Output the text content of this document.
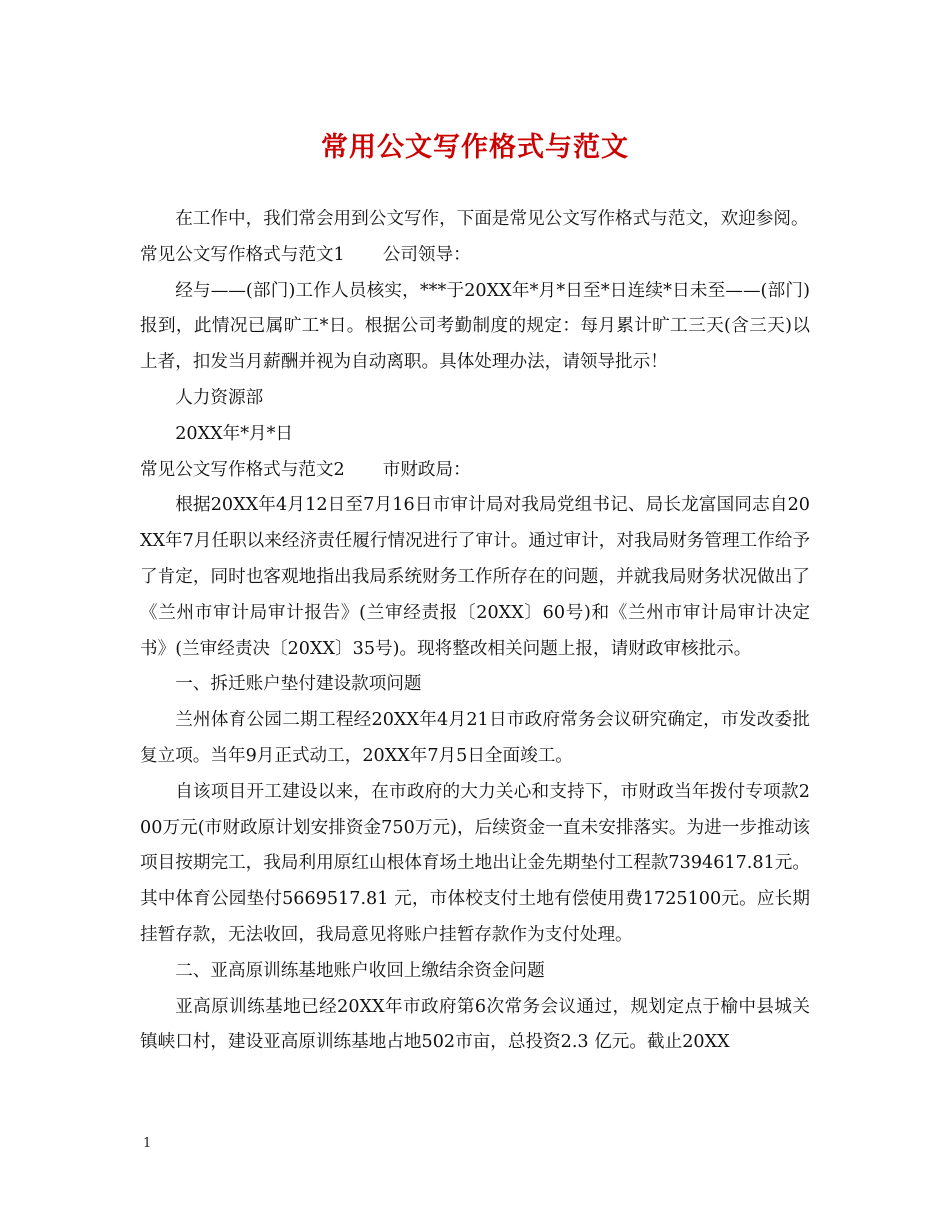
常用公文写作格式与范文

在工作中，我们常会用到公文写作，下面是常见公文写作格式与范文，欢迎参阅。

常见公文写作格式与范文1 公司领导：

经与——(部门)工作人员核实，***于20XX年*月*日至*日连续*日未至——(部门)报到，此情况已属旷工*日。根据公司考勤制度的规定：每月累计旷工三天(含三天)以上者，扣发当月薪酬并视为自动离职。具体处理办法，请领导批示！

人力资源部

20XX年*月*日

常见公文写作格式与范文2 市财政局：

根据20XX年4月12日至7月16日市审计局对我局党组书记、局长龙富国同志自20XX年7月任职以来经济责任履行情况进行了审计。通过审计，对我局财务管理工作给予了肯定，同时也客观地指出我局系统财务工作所存在的问题，并就我局财务状况做出了《兰州市审计局审计报告》(兰审经责报〔20XX〕60号)和《兰州市审计局审计决定书》(兰审经责决〔20XX〕35号)。现将整改相关问题上报，请财政审核批示。

一、拆迁账户垫付建设款项问题

兰州体育公园二期工程经20XX年4月21日市政府常务会议研究确定，市发改委批复立项。当年9月正式动工，20XX年7月5日全面竣工。

自该项目开工建设以来，在市政府的大力关心和支持下，市财政当年拨付专项款200万元(市财政原计划安排资金750万元)，后续资金一直未安排落实。为进一步推动该项目按期完工，我局利用原红山根体育场土地出让金先期垫付工程款7394617.81元。其中体育公园垫付5669517.81 元，市体校支付土地有偿使用费1725100元。应长期挂暂存款，无法收回，我局意见将账户挂暂存款作为支付处理。

二、亚高原训练基地账户收回上缴结余资金问题

亚高原训练基地已经20XX年市政府第6次常务会议通过，规划定点于榆中县城关镇峡口村，建设亚高原训练基地占地502市亩，总投资2.3 亿元。截止20XX

1
